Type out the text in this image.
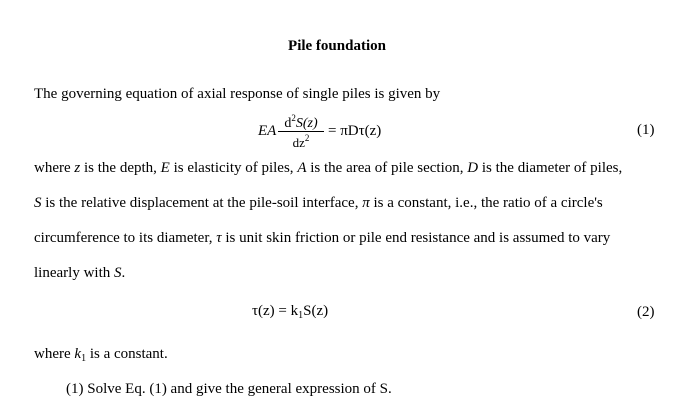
Pile foundation
The governing equation of axial response of single piles is given by
EA $d^2S(z)$
$dz^2$	= πDτ(z)	(1)
where z is the depth, E is elasticity of piles, A is the area of pile section, D is the diameter of piles,
S is the relative displacement at the pile-soil interface, π is a constant, i.e., the ratio of a circle's
circumference to its diameter, τ is unit skin friction or pile end resistance and is assumed to vary
linearly with S.
$\tau(z) = k_1S(z)$	(2)
where $k_1$ is a constant.
(1) Solve Eq. (1) and give the general expression of S.
